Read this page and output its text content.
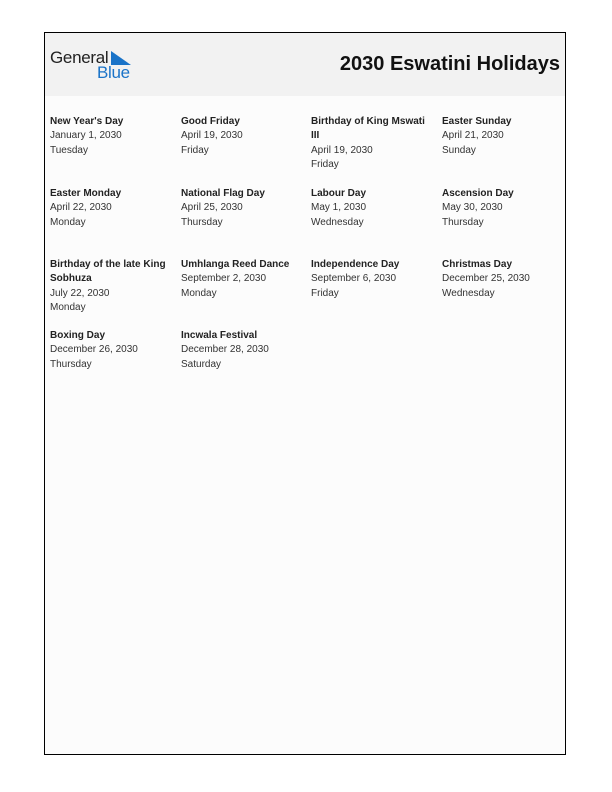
General
Blue	2030 Eswatini Holidays
New Year's Day
January 1, 2030
Tuesday
Good Friday
April 19, 2030
Friday
Birthday of King Mswati III
April 19, 2030
Friday
Easter Sunday
April 21, 2030
Sunday
Easter Monday
April 22, 2030
Monday
National Flag Day
April 25, 2030
Thursday
Labour Day
May 1, 2030
Wednesday
Ascension Day
May 30, 2030
Thursday
Birthday of the late King Sobhuza
July 22, 2030
Monday
Umhlanga Reed Dance
September 2, 2030
Monday
Independence Day
September 6, 2030
Friday
Christmas Day
December 25, 2030
Wednesday
Boxing Day
December 26, 2030
Thursday
Incwala Festival
December 28, 2030
Saturday
